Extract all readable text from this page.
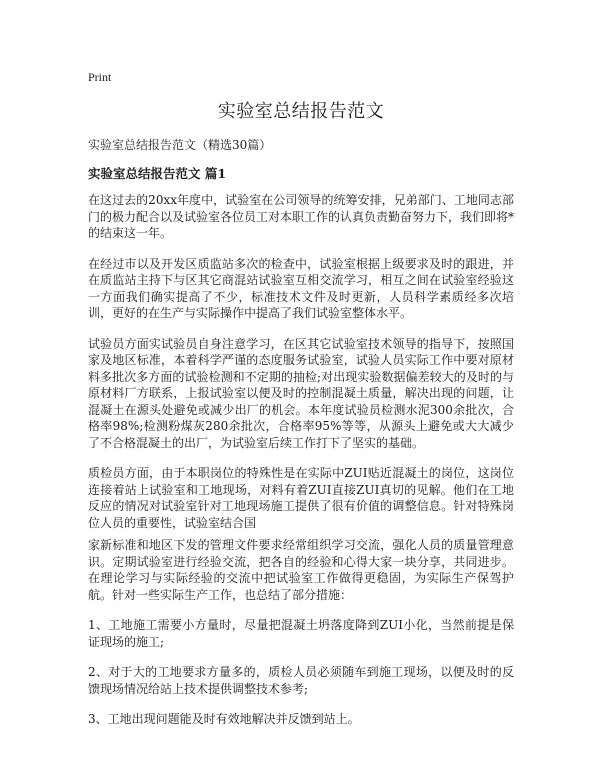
Print
实验室总结报告范文
实验室总结报告范文（精选30篇）
实验室总结报告范文 篇1

在这过去的20xx年度中，试验室在公司领导的统筹安排，兄弟部门、工地同志部门的极力配合以及试验室各位员工对本职工作的认真负责勤奋努力下，我们即将*的结束这一年。

在经过市以及开发区质监站多次的检查中，试验室根据上级要求及时的跟进，并在质监站主持下与区其它商混站试验室互相交流学习，相互之间在试验室经验这一方面我们确实提高了不少，标准技术文件及时更新，人员科学素质经多次培训，更好的在生产与实际操作中提高了我们试验室整体水平。

试验员方面实试验员自身注意学习，在区其它试验室技术领导的指导下，按照国家及地区标准，本着科学严谨的态度服务试验室，试验人员实际工作中要对原材料多批次多方面的试验检测和不定期的抽检;对出现实验数据偏差较大的及时的与原材料厂方联系，上报试验室以便及时的控制混凝土质量，解决出现的问题，让混凝土在源头处避免或减少出厂的机会。本年度试验员检测水泥300余批次，合格率98%;检测粉煤灰280余批次，合格率95%等等，从源头上避免或大大减少了不合格混凝土的出厂，为试验室后续工作打下了坚实的基础。

质检员方面，由于本职岗位的特殊性是在实际中ZUI贴近混凝土的岗位，这岗位连接着站上试验室和工地现场，对料有着ZUI直接ZUI真切的见解。他们在工地反应的情况对试验室针对工地现场施工提供了很有价值的调整信息。针对特殊岗位人员的重要性，试验室结合国

家新标准和地区下发的管理文件要求经常组织学习交流，强化人员的质量管理意识。定期试验室进行经验交流，把各自的经验和心得大家一块分享，共同进步。在理论学习与实际经验的交流中把试验室工作做得更稳固，为实际生产保驾护航。针对一些实际生产工作，也总结了部分措施：

1、工地施工需要小方量时，尽量把混凝土坍落度降到ZUI小化，当然前提是保证现场的施工;

2、对于大的工地要求方量多的，质检人员必须随车到施工现场，以便及时的反馈现场情况给站上技术提供调整技术参考;

3、工地出现问题能及时有效地解决并反馈到站上。
